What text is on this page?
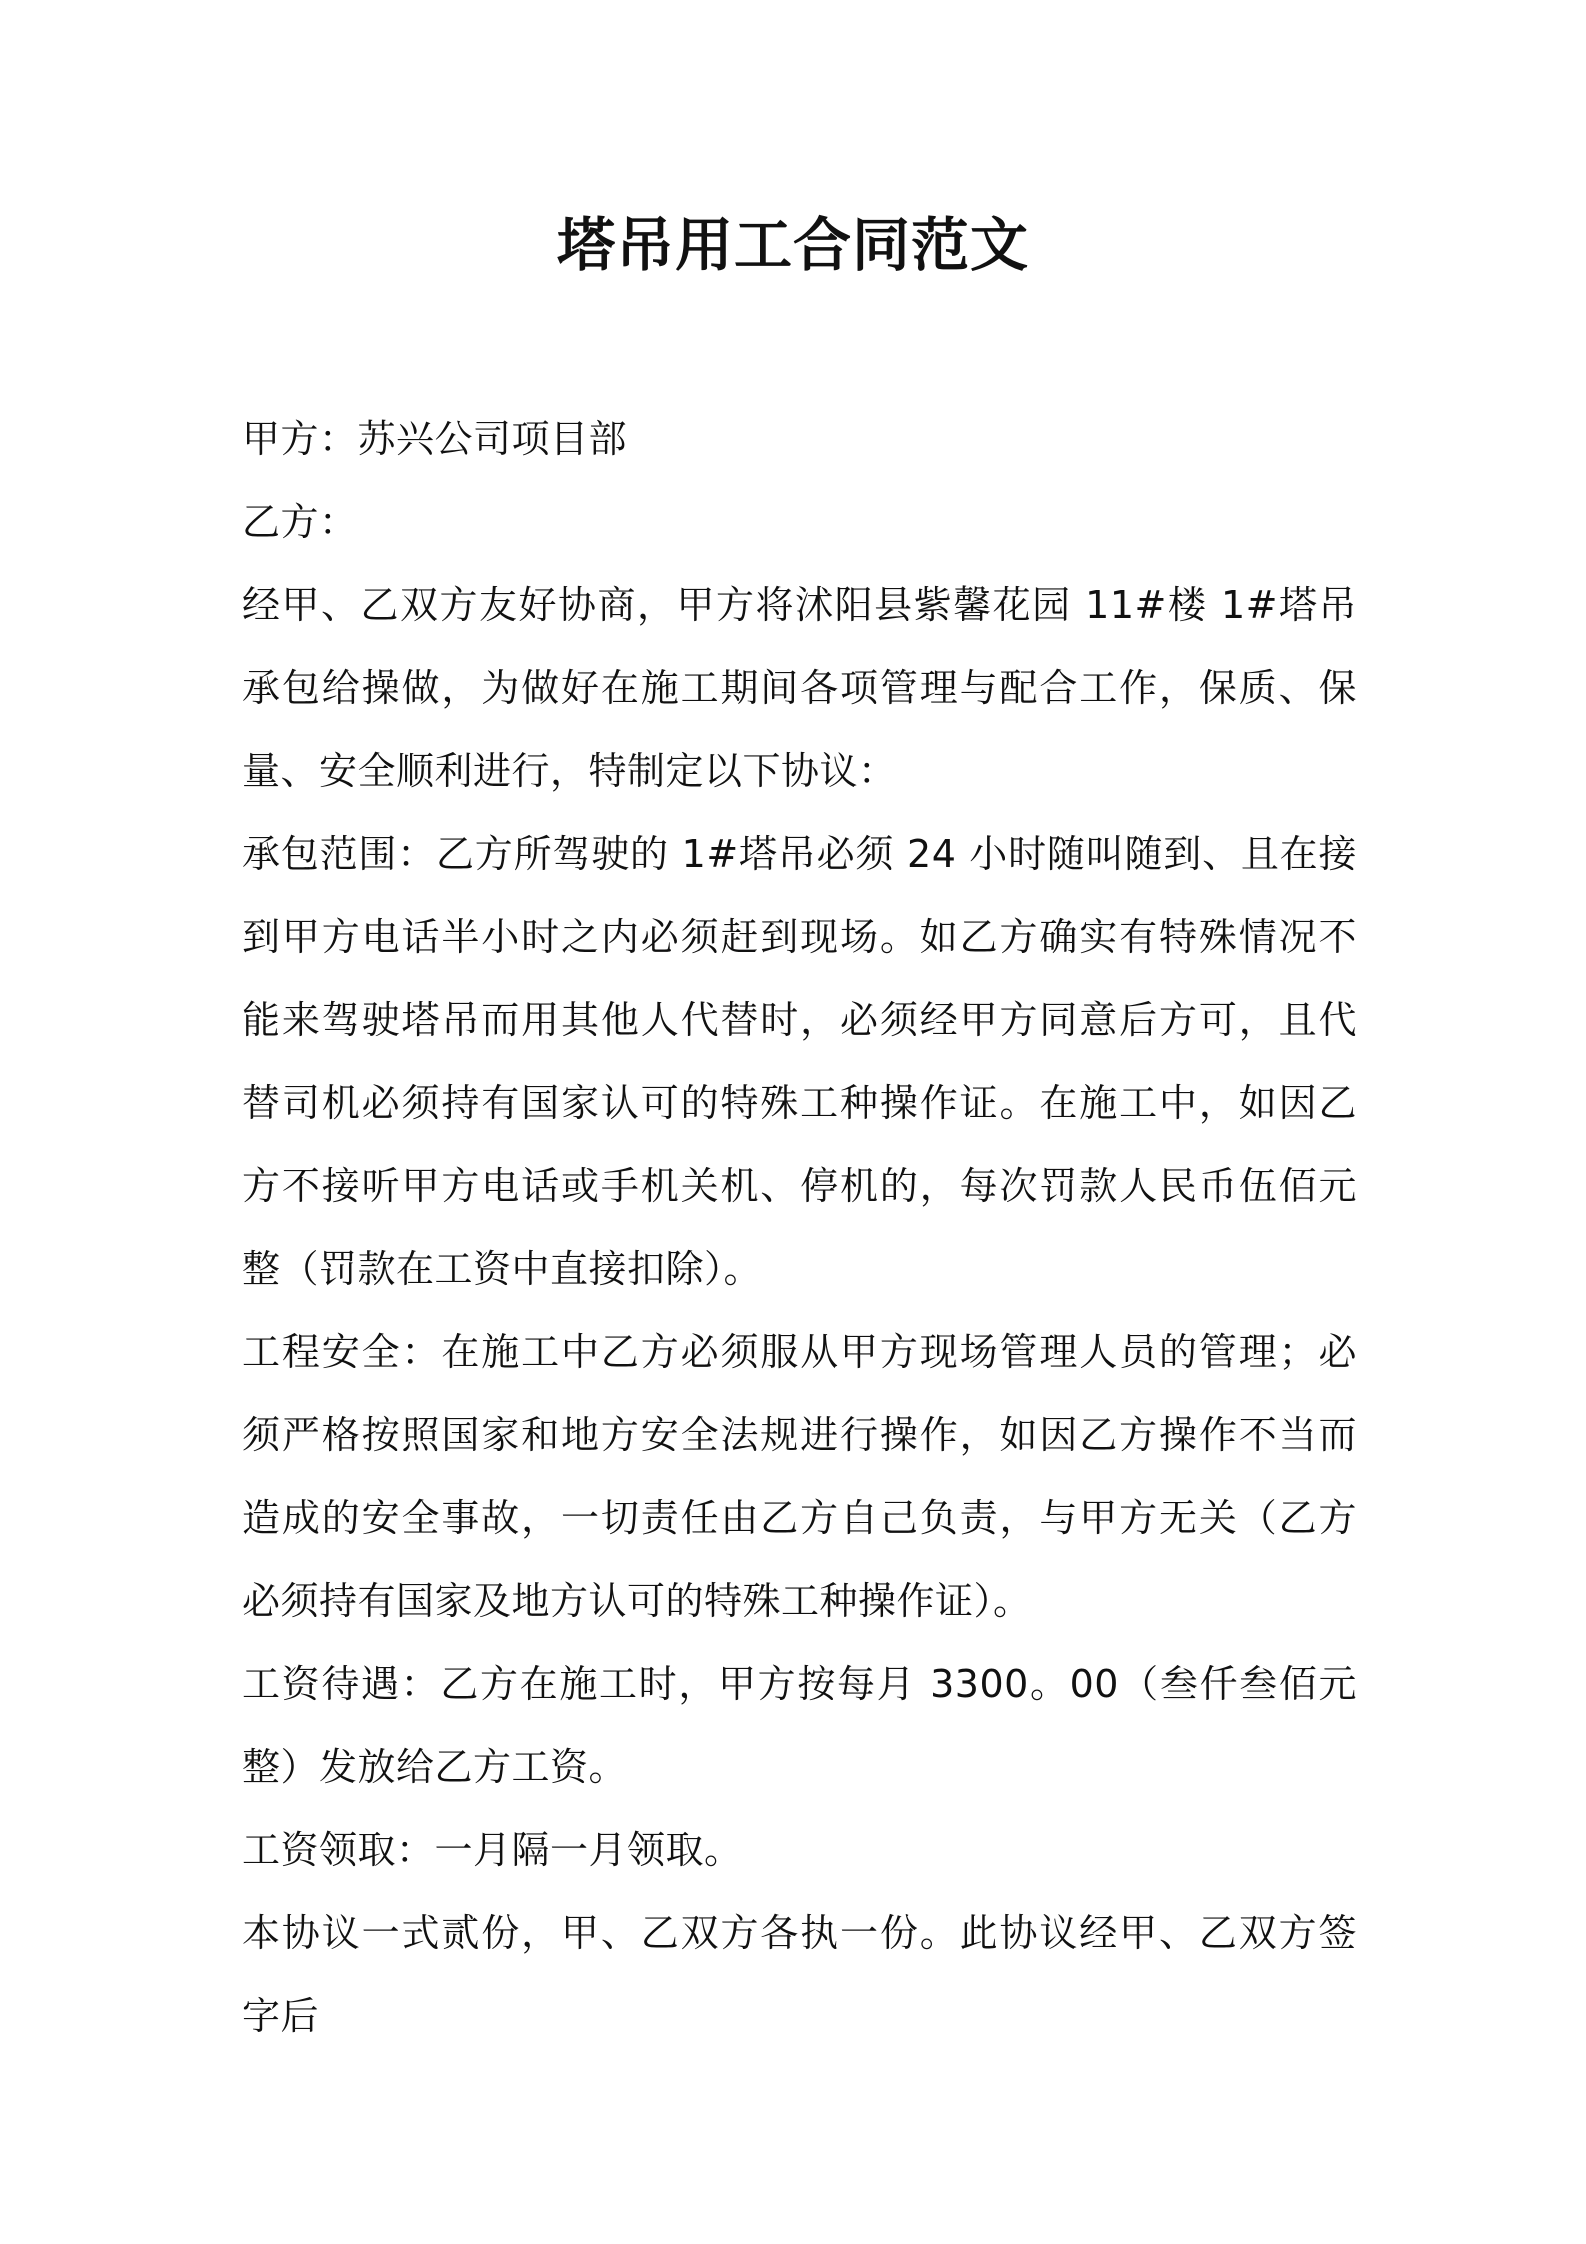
塔吊用工合同范文

甲方：苏兴公司项目部

乙方：

经甲、乙双方友好协商，甲方将沭阳县紫馨花园 11#楼 1#塔吊承包给操做，为做好在施工期间各项管理与配合工作，保质、保量、安全顺利进行，特制定以下协议：

承包范围：乙方所驾驶的 1#塔吊必须 24 小时随叫随到、且在接到甲方电话半小时之内必须赶到现场。如乙方确实有特殊情况不能来驾驶塔吊而用其他人代替时，必须经甲方同意后方可，且代替司机必须持有国家认可的特殊工种操作证。在施工中，如因乙方不接听甲方电话或手机关机、停机的，每次罚款人民币伍佰元整（罚款在工资中直接扣除）。

工程安全：在施工中乙方必须服从甲方现场管理人员的管理；必须严格按照国家和地方安全法规进行操作，如因乙方操作不当而造成的安全事故，一切责任由乙方自己负责，与甲方无关（乙方必须持有国家及地方认可的特殊工种操作证）。

工资待遇：乙方在施工时，甲方按每月 3300。00（叁仟叁佰元整）发放给乙方工资。

工资领取：一月隔一月领取。

本协议一式贰份，甲、乙双方各执一份。此协议经甲、乙双方签字后
